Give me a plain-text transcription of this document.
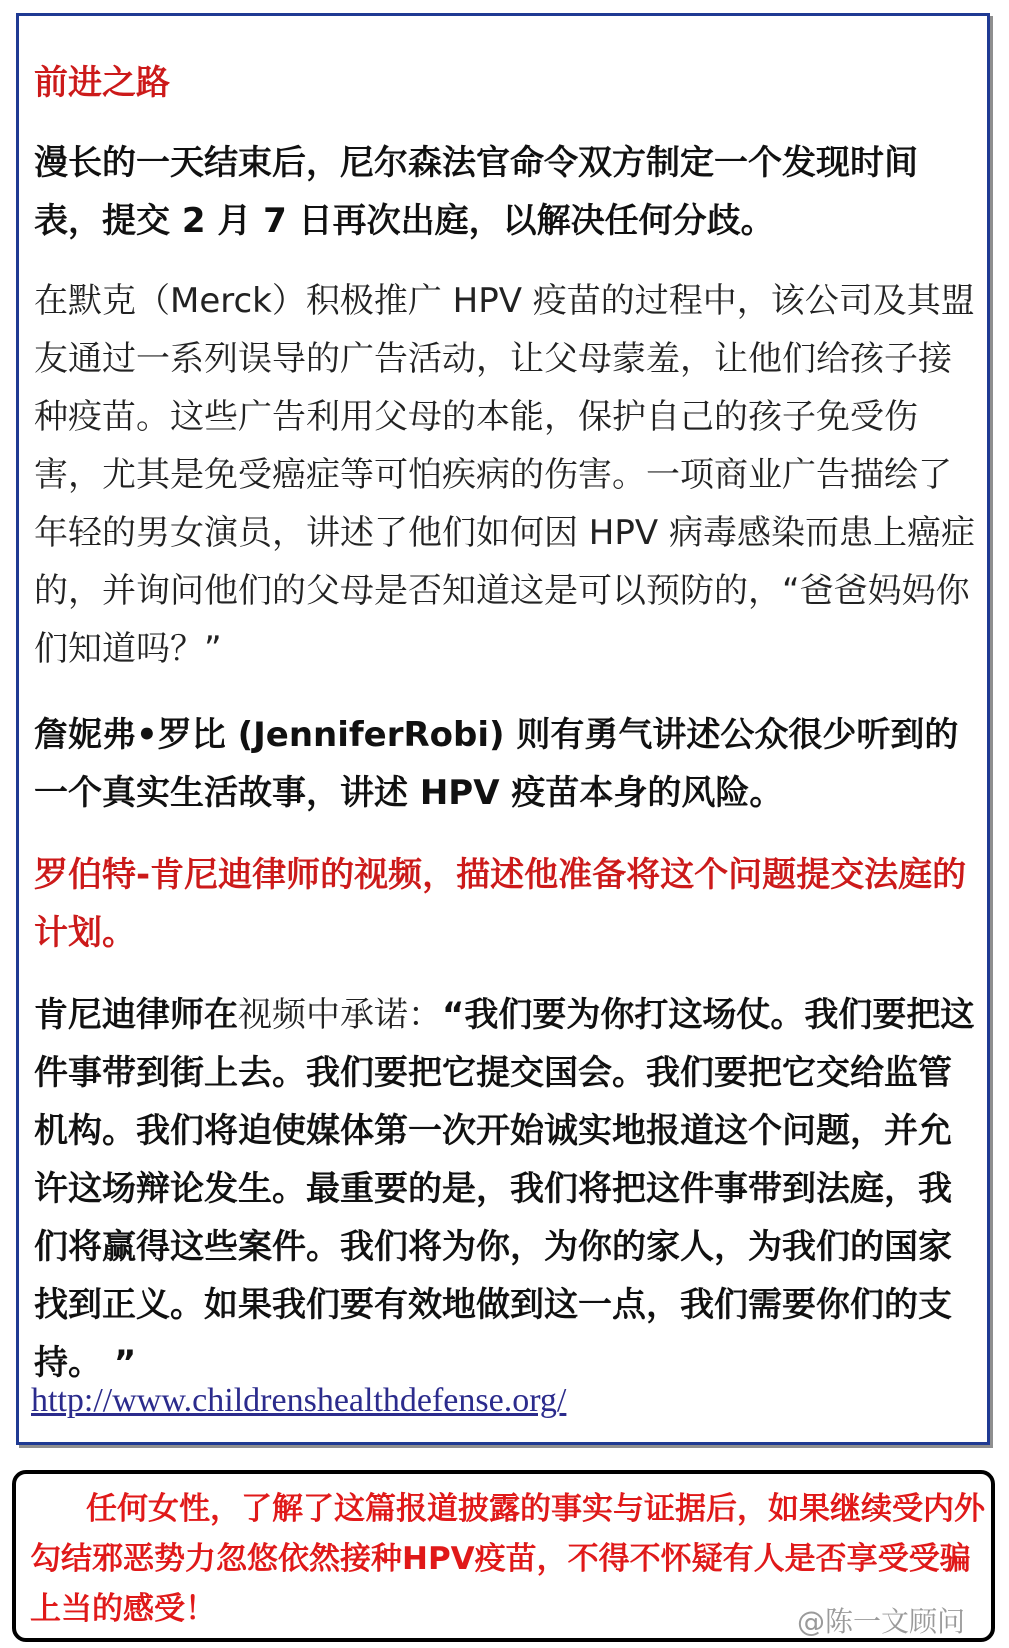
前进之路
漫长的一天结束后，尼尔森法官命令双方制定一个发现时间表，提交 2 月 7 日再次出庭，以解决任何分歧。
在默克（Merck）积极推广 HPV 疫苗的过程中，该公司及其盟友通过一系列误导的广告活动，让父母蒙羞，让他们给孩子接种疫苗。这些广告利用父母的本能，保护自己的孩子免受伤害，尤其是免受癌症等可怕疾病的伤害。一项商业广告描绘了年轻的男女演员，讲述了他们如何因 HPV 病毒感染而患上癌症的，并询问他们的父母是否知道这是可以预防的，“爸爸妈妈你们知道吗？”
詹妮弗•罗比 (JenniferRobi) 则有勇气讲述公众很少听到的一个真实生活故事，讲述 HPV 疫苗本身的风险。
罗伯特-肯尼迪律师的视频，描述他准备将这个问题提交法庭的计划。
肯尼迪律师在视频中承诺：“我们要为你打这场仗。我们要把这件事带到街上去。我们要把它提交国会。我们要把它交给监管机构。我们将迫使媒体第一次开始诚实地报道这个问题，并允许这场辩论发生。最重要的是，我们将把这件事带到法庭，我们将赢得这些案件。我们将为你，为你的家人，为我们的国家找到正义。如果我们要有效地做到这一点，我们需要你们的支持。 ”
http://www.childrenshealthdefense.org/
任何女性，了解了这篇报道披露的事实与证据后，如果继续受内外勾结邪恶势力忽悠依然接种HPV疫苗，不得不怀疑有人是否享受受骗上当的感受！	@陈一文顾问
